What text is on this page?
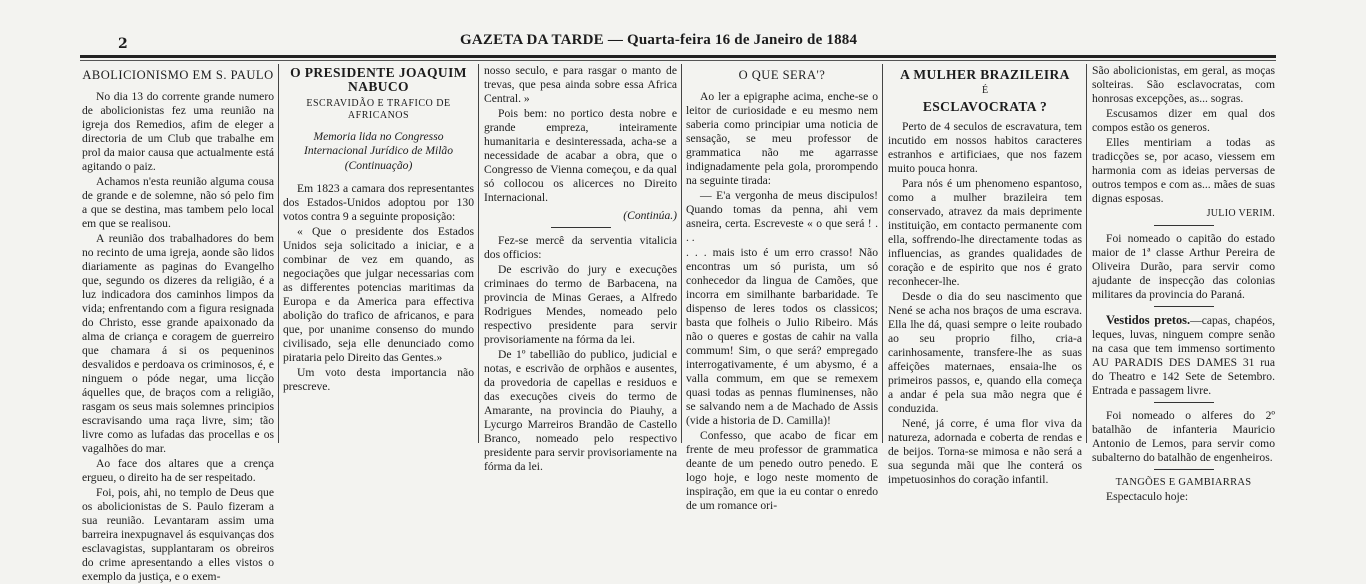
2	GAZETA DA TARDE — Quarta-feira 16 de Janeiro de 1884
ABOLICIONISMO EM S. PAULO

No dia 13 do corrente grande numero de abolicionistas fez uma reunião na igreja dos Remedios, afim de eleger a directoria de um Club que trabalhe em prol da maior causa que actualmente está agitando o paiz.

Achamos n'esta reunião alguma cousa de grande e de solemne, não só pelo fim a que se destina, mas tambem pelo local em que se realisou.

A reunião dos trabalhadores do bem no recinto de uma igreja, aonde são lidos diariamente as paginas do Evangelho que, segundo os dizeres da religião, é a luz indicadora dos caminhos limpos da vida; enfrentando com a figura resignada do Christo, esse grande apaixonado da alma de criança e coragem de guerreiro que chamara á si os pequeninos desvalidos e perdoava os criminosos, é, e ninguem o póde negar, uma licção áquelles que, de braços com a religião, rasgam os seus mais solemnes principios escravisando uma raça livre, sim; tão livre como as lufadas das procellas e os vagalhões do mar.

Ao face dos altares que a crença ergueu, o direito ha de ser respeitado.

Foi, pois, ahi, no templo de Deus que os abolicionistas de S. Paulo fizeram a sua reunião. Levantaram assim uma barreira inexpugnavel ás esquivanças dos esclavagistas, supplantaram os obreiros do crime apresentando a elles vistos o exemplo da justiça, e o exem-

O PRESIDENTE JOAQUIM NABUCO
ESCRAVIDÃO E TRAFICO DE AFRICANOS

Memoria lida no Congresso Internacional Jurídico de Milão

(Continuação)

Em 1823 a camara dos representantes dos Estados-Unidos adoptou por 130 votos contra 9 a seguinte proposição:

« Que o presidente dos Estados Unidos seja solicitado a iniciar, e a combinar de vez em quando, as negociações que julgar necessarias com as differentes potencias maritimas da Europa e da America para effectiva abolição do trafico de africanos, e para que, por unanime consenso do mundo civilisado, seja elle denunciado como pirataria pelo Direito das Gentes.»

Um voto desta importancia não prescreve.

nosso seculo, e para rasgar o manto de trevas, que pesa ainda sobre essa Africa Central. »

Pois bem: no portico desta nobre e grande empreza, inteiramente humanitaria e desinteressada, acha-se a necessidade de acabar a obra, que o Congresso de Vienna começou, e da qual só collocou os alicerces no Direito Internacional.

(Continúa.)

Fez-se mercê da serventia vitalicia dos officios:

De escrivão do jury e execuções criminaes do termo de Barbacena, na provincia de Minas Geraes, a Alfredo Rodrigues Mendes, nomeado pelo respectivo presidente para servir provisoriamente na fórma da lei.

De 1º tabellião do publico, judicial e notas, e escrivão de orphãos e ausentes, da provedoria de capellas e residuos e das execuções civeis do termo de Amarante, na provincia do Piauhy, a Lycurgo Marreiros Brandão de Castello Branco, nomeado pelo respectivo presidente para servir provisoriamente na fórma da lei.

O QUE SERA'?

Ao ler a epigraphe acima, enche-se o leitor de curiosidade e eu mesmo nem saberia como principiar uma noticia de sensação, se meu professor de grammatica não me agarrasse indignadamente pela gola, prorompendo na seguinte tirada:

— E'a vergonha de meus discipulos! Quando tomas da penna, ahi vem asneira, certa. Escreveste « o que será ! . . .

. . . mais isto é um erro crasso! Não encontras um só purista, um só conhecedor da lingua de Camões, que incorra em similhante barbaridade. Te dispenso de leres todos os classicos; basta que folheis o Julio Ribeiro. Más não o queres e gostas de cahir na valla commum! Sim, o que será? empregado interrogativamente, é um abysmo, é a valla commum, em que se remexem quasi todas as pennas fluminenses, não se salvando nem a de Machado de Assis (vide a historia de D. Camilla)!

Confesso, que acabo de ficar em frente de meu professor de grammatica deante de um penedo outro penedo. E logo hoje, e logo neste momento de inspiração, em que ia eu contar o enredo de um romance ori-

A MULHER BRAZILEIRA
É
ESCLAVOCRATA ?

Perto de 4 seculos de escravatura, tem incutido em nossos habitos caracteres estranhos e artificiaes, que nos fazem muito pouca honra.

Para nós é um phenomeno espantoso, como a mulher brazileira tem conservado, atravez da mais deprimente instituição, em contacto permanente com ella, soffrendo-lhe directamente todas as influencias, as grandes qualidades de coração e de espirito que nos é grato reconhecer-lhe.

Desde o dia do seu nascimento que Nené se acha nos braços de uma escrava. Ella lhe dá, quasi sempre o leite roubado ao seu proprio filho, cria-a carinhosamente, transfere-lhe as suas affeições maternaes, ensaia-lhe os primeiros passos, e, quando ella começa a andar é pela sua mão negra que é conduzida.

Nené, já corre, é uma flor viva da natureza, adornada e coberta de rendas e de beijos. Torna-se mimosa e não será a sua segunda mãi que lhe conterá os impetuosinhos do coração infantil.

São abolicionistas, em geral, as moças solteiras. São esclavocratas, com honrosas excepções, as... sogras.

Escusamos dizer em qual dos compos estão os generos.

Elles mentiriam a todas as tradicções se, por acaso, viessem em harmonia com as ideias perversas de outros tempos e com as... mães de suas dignas esposas.

JULIO VERIM.

Foi nomeado o capitão do estado maior de 1ª classe Arthur Pereira de Oliveira Durão, para servir como ajudante de inspecção das colonias militares da provincia do Paraná.

Vestidos pretos.—capas, chapéos, leques, luvas, ninguem compre senão na casa que tem immenso sortimento AU PARADIS DES DAMES 31 rua do Theatro e 142 Sete de Setembro. Entrada e passagem livre.

Foi nomeado o alferes do 2º batalhão de infanteria Mauricio Antonio de Lemos, para servir como subalterno do batalhão de engenheiros.

TANGÕES E GAMBIARRAS

Espectaculo hoje:
